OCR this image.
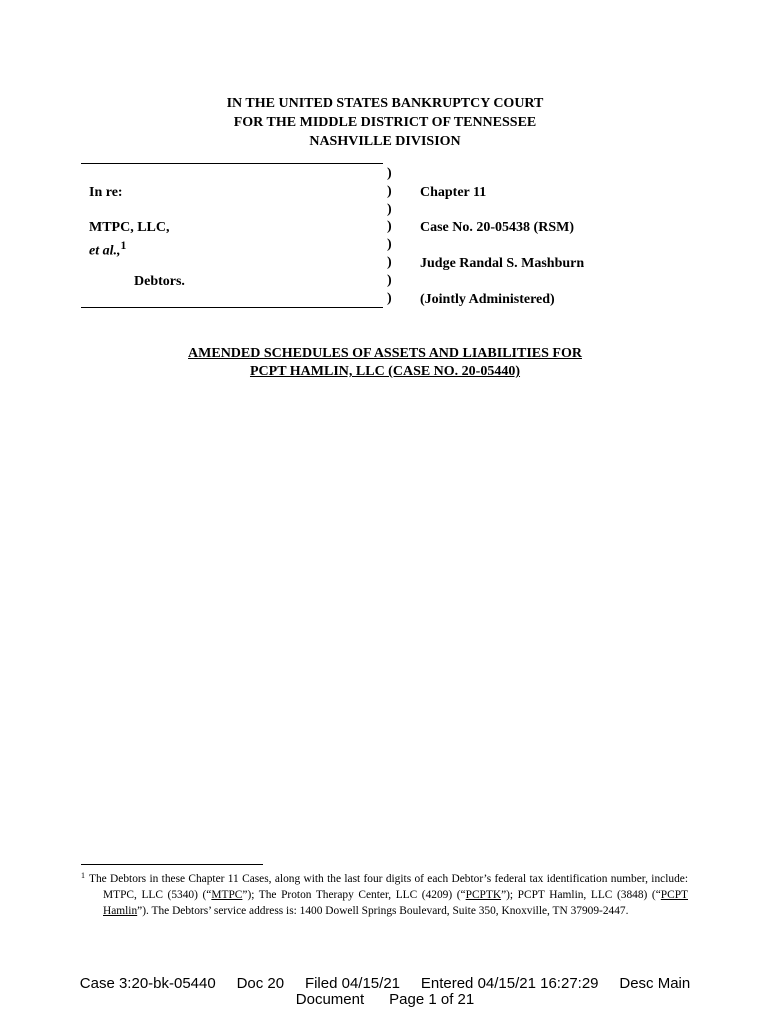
IN THE UNITED STATES BANKRUPTCY COURT
FOR THE MIDDLE DISTRICT OF TENNESSEE
NASHVILLE DIVISION
In re:
MTPC, LLC,
et al.,$^1$
Debtors.
)
)
)
)
)
)
)
)
Chapter 11
Case No. 20-05438 (RSM)
Judge Randal S. Mashburn
(Jointly Administered)
AMENDED SCHEDULES OF ASSETS AND LIABILITIES FOR
PCPT HAMLIN, LLC (CASE NO. 20-05440)
1 The Debtors in these Chapter 11 Cases, along with the last four digits of each Debtor’s federal tax identification number, include: MTPC, LLC (5340) (“MTPC”); The Proton Therapy Center, LLC (4209) (“PCPTK”); PCPT Hamlin, LLC (3848) (“PCPT Hamlin”). The Debtors’ service address is: 1400 Dowell Springs Boulevard, Suite 350, Knoxville, TN 37909-2447.
Case 3:20-bk-05440 Doc 20 Filed 04/15/21 Entered 04/15/21 16:27:29 Desc Main
Document Page 1 of 21
